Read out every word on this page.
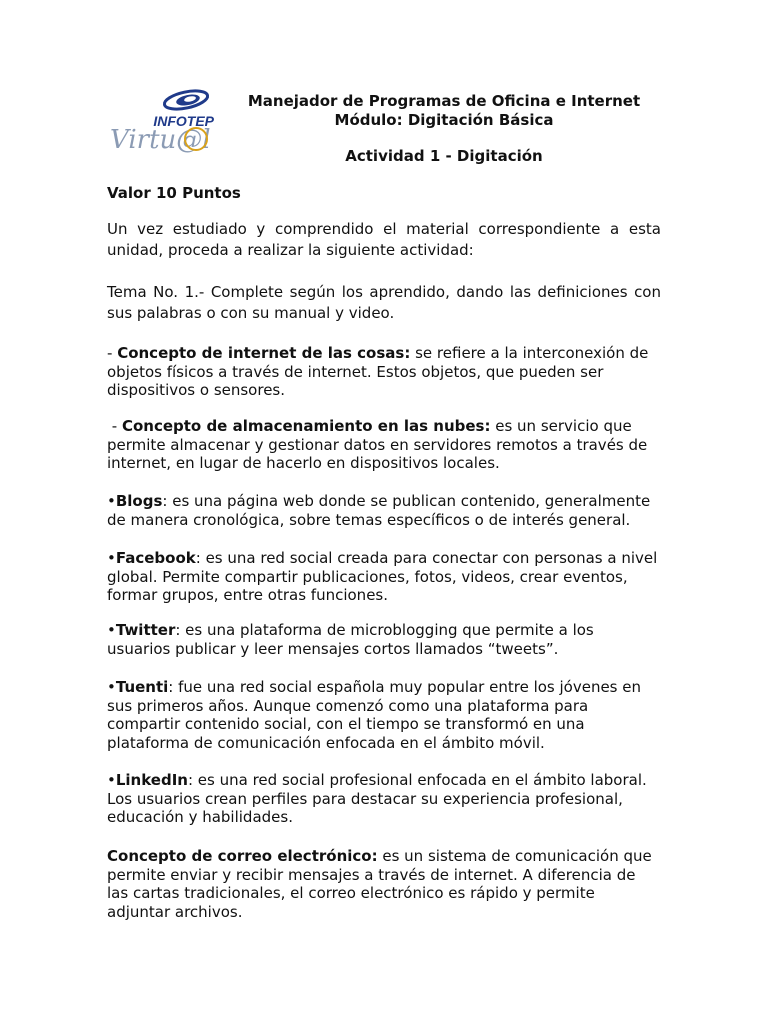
INFOTEP
Virtu@l
Manejador de Programas de Oficina e Internet
Módulo: Digitación Básica
Actividad 1 - Digitación
Valor 10 Puntos
Un vez estudiado y comprendido el material correspondiente a esta unidad, proceda a realizar la siguiente actividad:
Tema No. 1.- Complete según los aprendido, dando las definiciones con sus palabras o con su manual y video.
- Concepto de internet de las cosas: se refiere a la interconexión de objetos físicos a través de internet. Estos objetos, que pueden ser dispositivos o sensores.
- Concepto de almacenamiento en las nubes: es un servicio que permite almacenar y gestionar datos en servidores remotos a través de internet, en lugar de hacerlo en dispositivos locales.
•Blogs: es una página web donde se publican contenido, generalmente de manera cronológica, sobre temas específicos o de interés general.
•Facebook: es una red social creada para conectar con personas a nivel global. Permite compartir publicaciones, fotos, videos, crear eventos, formar grupos, entre otras funciones.
•Twitter: es una plataforma de microblogging que permite a los usuarios publicar y leer mensajes cortos llamados “tweets”.
•Tuenti: fue una red social española muy popular entre los jóvenes en sus primeros años. Aunque comenzó como una plataforma para compartir contenido social, con el tiempo se transformó en una plataforma de comunicación enfocada en el ámbito móvil.
•LinkedIn: es una red social profesional enfocada en el ámbito laboral. Los usuarios crean perfiles para destacar su experiencia profesional, educación y habilidades.
Concepto de correo electrónico: es un sistema de comunicación que permite enviar y recibir mensajes a través de internet. A diferencia de las cartas tradicionales, el correo electrónico es rápido y permite adjuntar archivos.
